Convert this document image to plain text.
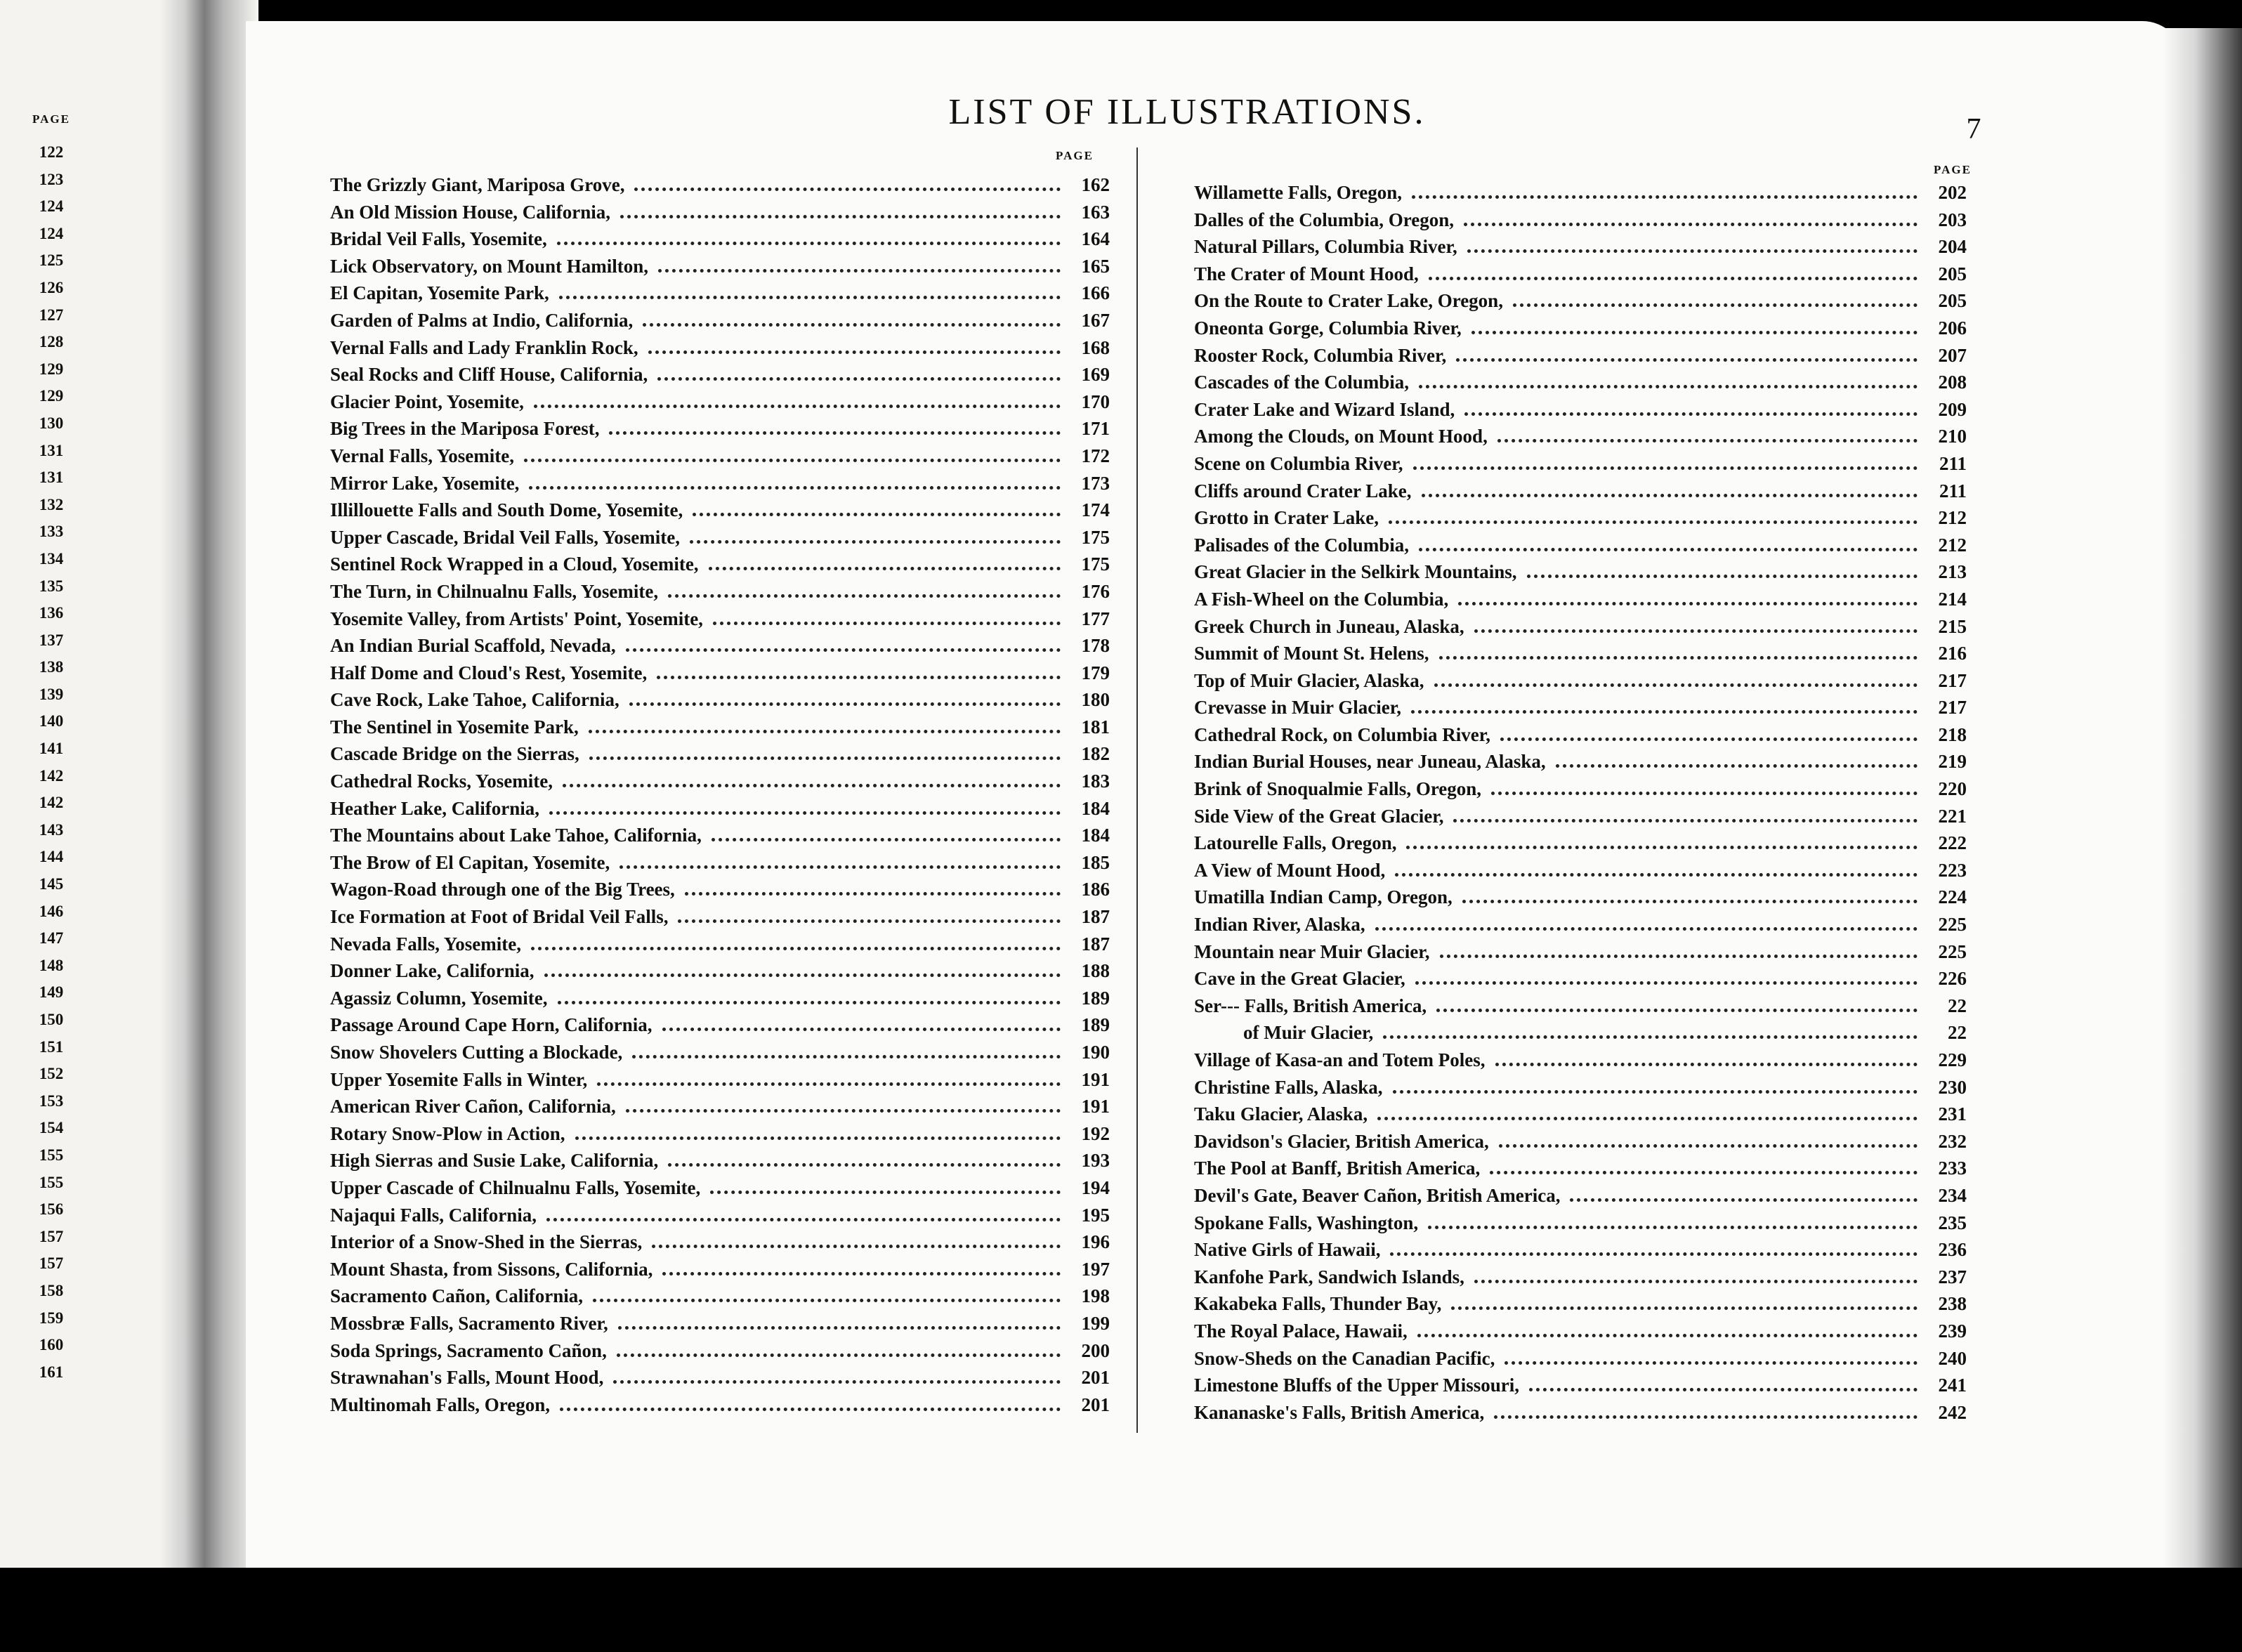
PAGE
122
123
124
124
125
126
127
128
129
129
130
131
131
132
133
134
135
136
137
138
139
140
141
142
142
143
144
145
146
147
148
149
150
151
152
153
154
155
155
156
157
157
158
159
160
161
LIST OF ILLUSTRATIONS.	7
PAGE
PAGE
The Grizzly Giant, Mariposa Grove,	162
An Old Mission House, California,	163
Bridal Veil Falls, Yosemite,	164
Lick Observatory, on Mount Hamilton,	165
El Capitan, Yosemite Park,	166
Garden of Palms at Indio, California,	167
Vernal Falls and Lady Franklin Rock,	168
Seal Rocks and Cliff House, California,	169
Glacier Point, Yosemite,	170
Big Trees in the Mariposa Forest,	171
Vernal Falls, Yosemite,	172
Mirror Lake, Yosemite,	173
Illillouette Falls and South Dome, Yosemite,	174
Upper Cascade, Bridal Veil Falls, Yosemite,	175
Sentinel Rock Wrapped in a Cloud, Yosemite,	175
The Turn, in Chilnualnu Falls, Yosemite,	176
Yosemite Valley, from Artists' Point, Yosemite,	177
An Indian Burial Scaffold, Nevada,	178
Half Dome and Cloud's Rest, Yosemite,	179
Cave Rock, Lake Tahoe, California,	180
The Sentinel in Yosemite Park,	181
Cascade Bridge on the Sierras,	182
Cathedral Rocks, Yosemite,	183
Heather Lake, California,	184
The Mountains about Lake Tahoe, California,	184
The Brow of El Capitan, Yosemite,	185
Wagon-Road through one of the Big Trees,	186
Ice Formation at Foot of Bridal Veil Falls,	187
Nevada Falls, Yosemite,	187
Donner Lake, California,	188
Agassiz Column, Yosemite,	189
Passage Around Cape Horn, California,	189
Snow Shovelers Cutting a Blockade,	190
Upper Yosemite Falls in Winter,	191
American River Cañon, California,	191
Rotary Snow-Plow in Action,	192
High Sierras and Susie Lake, California,	193
Upper Cascade of Chilnualnu Falls, Yosemite,	194
Najaqui Falls, California,	195
Interior of a Snow-Shed in the Sierras,	196
Mount Shasta, from Sissons, California,	197
Sacramento Cañon, California,	198
Mossbræ Falls, Sacramento River,	199
Soda Springs, Sacramento Cañon,	200
Strawnahan's Falls, Mount Hood,	201
Multinomah Falls, Oregon,	201
Willamette Falls, Oregon,	202
Dalles of the Columbia, Oregon,	203
Natural Pillars, Columbia River,	204
The Crater of Mount Hood,	205
On the Route to Crater Lake, Oregon,	205
Oneonta Gorge, Columbia River,	206
Rooster Rock, Columbia River,	207
Cascades of the Columbia,	208
Crater Lake and Wizard Island,	209
Among the Clouds, on Mount Hood,	210
Scene on Columbia River,	211
Cliffs around Crater Lake,	211
Grotto in Crater Lake,	212
Palisades of the Columbia,	212
Great Glacier in the Selkirk Mountains,	213
A Fish-Wheel on the Columbia,	214
Greek Church in Juneau, Alaska,	215
Summit of Mount St. Helens,	216
Top of Muir Glacier, Alaska,	217
Crevasse in Muir Glacier,	217
Cathedral Rock, on Columbia River,	218
Indian Burial Houses, near Juneau, Alaska,	219
Brink of Snoqualmie Falls, Oregon,	220
Side View of the Great Glacier,	221
Latourelle Falls, Oregon,	222
A View of Mount Hood,	223
Umatilla Indian Camp, Oregon,	224
Indian River, Alaska,	225
Mountain near Muir Glacier,	225
Cave in the Great Glacier,	226
Ser--- Falls, British America,	22
of Muir Glacier,	22
Village of Kasa-an and Totem Poles,	229
Christine Falls, Alaska,	230
Taku Glacier, Alaska,	231
Davidson's Glacier, British America,	232
The Pool at Banff, British America,	233
Devil's Gate, Beaver Cañon, British America,	234
Spokane Falls, Washington,	235
Native Girls of Hawaii,	236
Kanfohe Park, Sandwich Islands,	237
Kakabeka Falls, Thunder Bay,	238
The Royal Palace, Hawaii,	239
Snow-Sheds on the Canadian Pacific,	240
Limestone Bluffs of the Upper Missouri,	241
Kananaske's Falls, British America,	242
